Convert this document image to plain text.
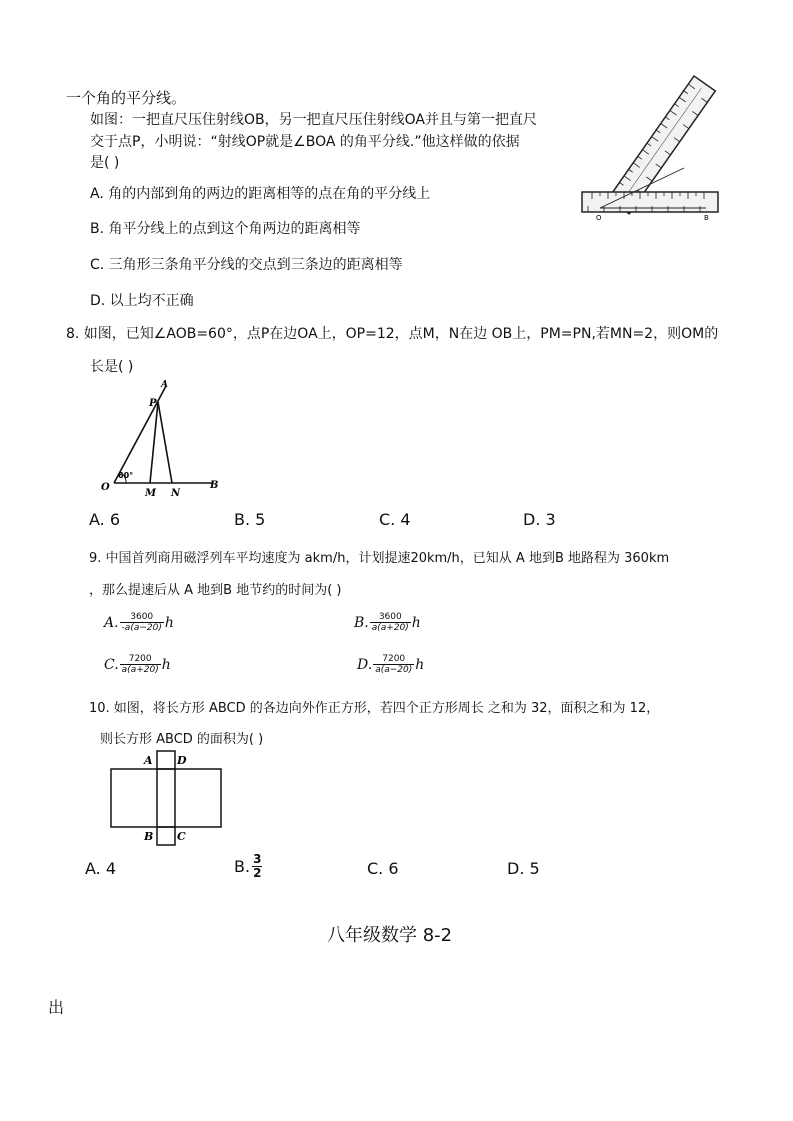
一个角的平分线。
如图：一把直尺压住射线OB，另一把直尺压住射线OA并且与第一把直尺
交于点P，小明说：“射线OP就是∠BOA 的角平分线.”他这样做的依据
是( )
A. 角的内部到角的两边的距离相等的点在角的平分线上
B. 角平分线上的点到这个角两边的距离相等
C. 三角形三条角平分线的交点到三条边的距离相等
D. 以上均不正确
O	B
8. 如图，已知∠AOB=60°，点P在边OA上，OP=12，点M，N在边 OB上，PM=PN,若MN=2，则OM的
长是( )
A
P
O
M N
B
60°
A. 6	B. 5	C. 4	D. 3
9. 中国首列商用磁浮列车平均速度为 akm/h，计划提速20km/h，已知从 A 地到B 地路程为 360km
，那么提速后从 A 地到B 地节约的时间为( )
A. $\frac{3600}{-a(a-20)}$ h	B. $\frac{3600}{a(a+20)}$ h
C. $\frac{7200}{a(a+20)}$ h	D. $\frac{7200}{a(a-20)}$ h
10. 如图，将长方形 ABCD 的各边向外作正方形，若四个正方形周长 之和为 32，面积之和为 12，
则长方形 ABCD 的面积为( )
A D
B C
A. 4	B. $\frac{3}{2}$	C. 6	D. 5
八年级数学 8-2
出
